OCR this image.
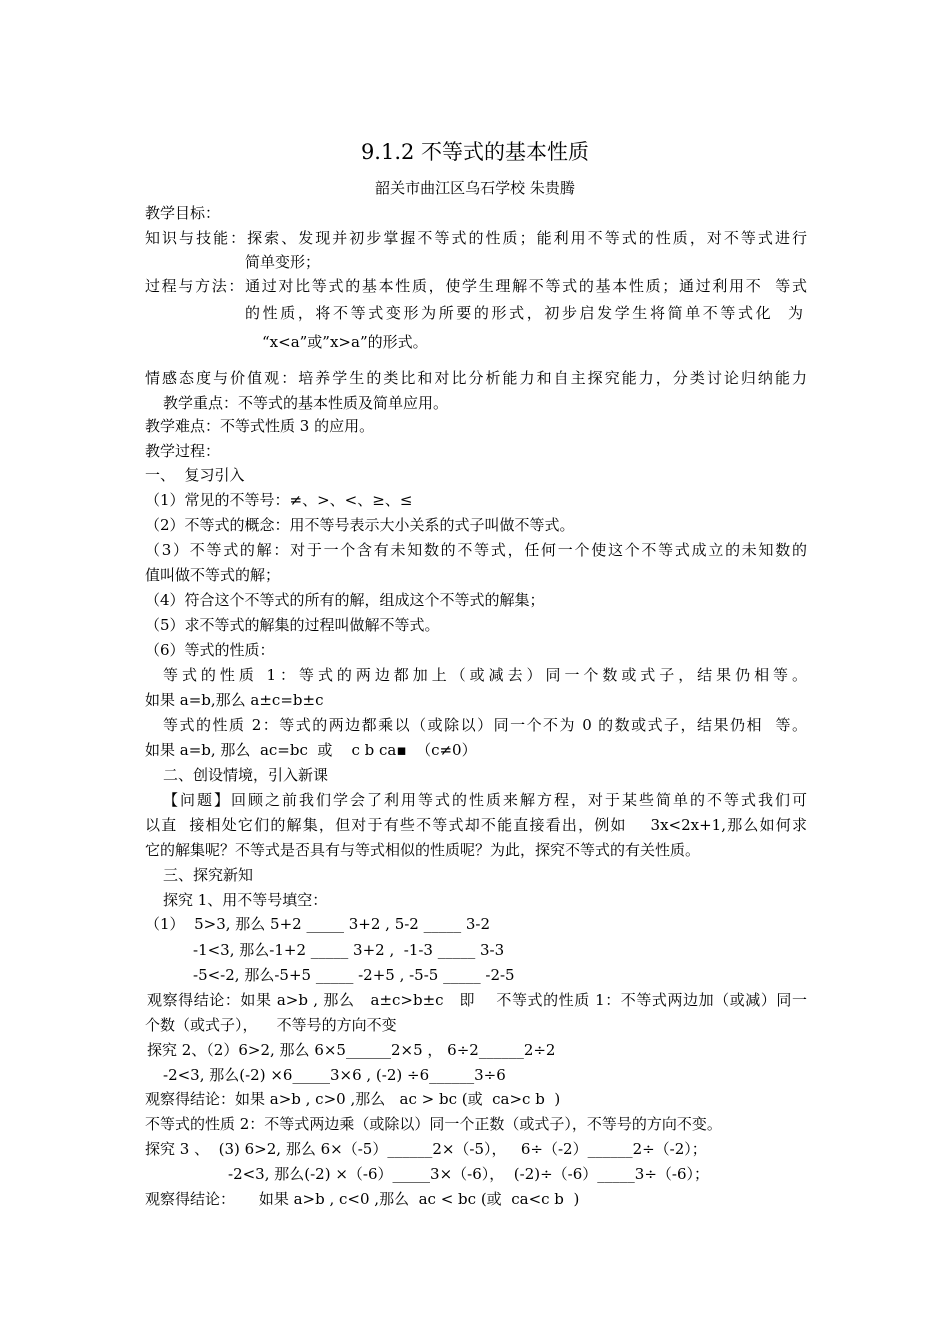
9.1.2 不等式的基本性质
韶关市曲江区乌石学校 朱贵腾
教学目标：
知识与技能：探索、发现并初步掌握不等式的性质；能利用不等式的性质，对不等式进行
简单变形；
过程与方法：通过对比等式的基本性质，使学生理解不等式的基本性质；通过利用不  等式
的性质，将不等式变形为所要的形式，初步启发学生将简单不等式化  为
“x<a”或”x>a”的形式。
情感态度与价值观：培养学生的类比和对比分析能力和自主探究能力，分类讨论归纳能力
教学重点：不等式的基本性质及简单应用。
教学难点：不等式性质 3 的应用。
教学过程：
一、  复习引入
（1）常见的不等号：≠、>、<、≥、≤
（2）不等式的概念：用不等号表示大小关系的式子叫做不等式。
（3）不等式的解：对于一个含有未知数的不等式，任何一个使这个不等式成立的未知数的
值叫做不等式的解；
（4）符合这个不等式的所有的解，组成这个不等式的解集；
（5）求不等式的解集的过程叫做解不等式。
（6）等式的性质：
等式的性质 1：等式的两边都加上（或减去）同一个数或式子，结果仍相等。
如果 a=b,那么 a±c=b±c
等式的性质 2：等式的两边都乘以（或除以）同一个不为 0 的数或式子，结果仍相  等。
如果 a=b, 那么  ac=bc  或    c b ca▪  （c≠0）
二、创设情境，引入新课
【问题】回顾之前我们学会了利用等式的性质来解方程，对于某些简单的不等式我们可
以直  接相处它们的解集，但对于有些不等式却不能直接看出，例如    3x<2x+1,那么如何求
它的解集呢？不等式是否具有与等式相似的性质呢？为此，探究不等式的有关性质。
三、探究新知
探究 1、用不等号填空：
（1）  5>3, 那么 5+2 _____ 3+2 , 5-2 _____ 3-2
-1<3, 那么-1+2 _____ 3+2 ,  -1-3 _____ 3-3
-5<-2, 那么-5+5 _____ -2+5 , -5-5 _____ -2-5
观察得结论：如果 a>b , 那么   a±c>b±c   即    不等式的性质 1：不等式两边加（或减）同一
个数（或式子），    不等号的方向不变
探究 2、（2）6>2, 那么 6×5______2×5 ， 6÷2______2÷2
-2<3, 那么(-2) ×6_____3×6 , (-2) ÷6______3÷6
观察得结论：如果 a>b , c>0 ,那么   ac > bc (或  ca>c b  )
不等式的性质 2：不等式两边乘（或除以）同一个正数（或式子），不等号的方向不变。
探究 3 、  (3) 6>2, 那么 6×（-5）______2×（-5），   6÷（-2）______2÷（-2）；
-2<3, 那么(-2) ×（-6）_____3×（-6），  (-2)÷（-6）_____3÷（-6）；
观察得结论：     如果 a>b , c<0 ,那么  ac < bc (或  ca<c b  )
